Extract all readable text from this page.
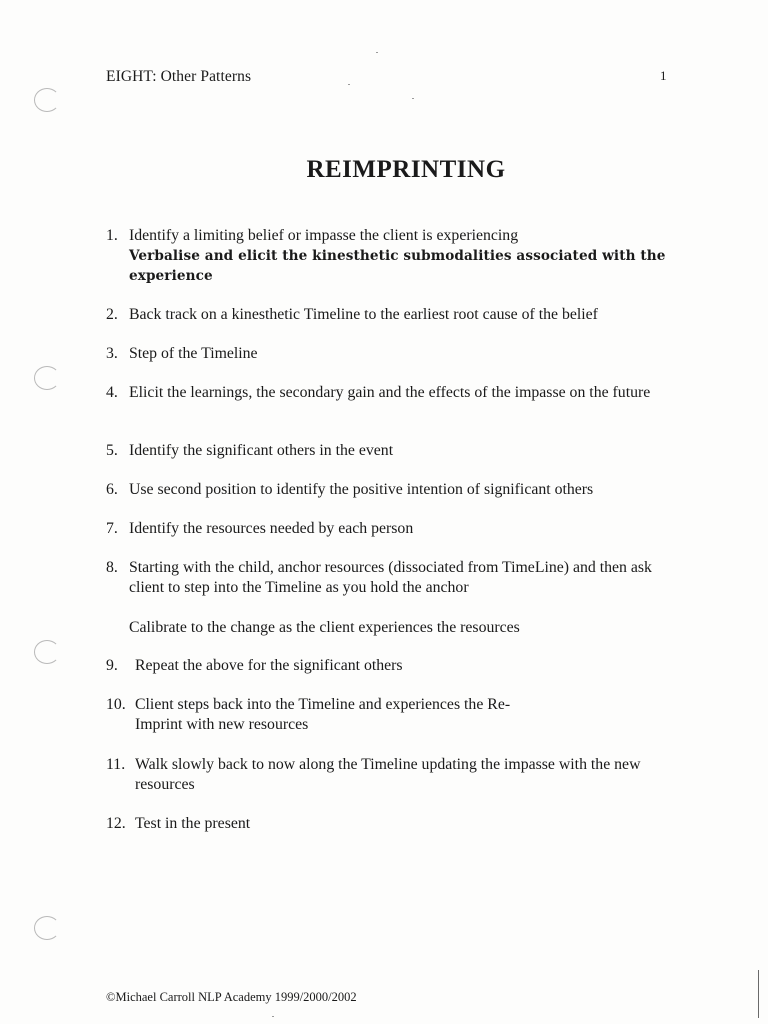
EIGHT: Other Patterns	1
REIMPRINTING
1. Identify a limiting belief or impasse the client is experiencing
Verbalise and elicit the kinesthetic submodalities associated with the experience
2. Back track on a kinesthetic Timeline to the earliest root cause of the belief
3. Step of the Timeline
4. Elicit the learnings, the secondary gain and the effects of the impasse on the future
5. Identify the significant others in the event
6. Use second position to identify the positive intention of significant others
7. Identify the resources needed by each person
8. Starting with the child, anchor resources (dissociated from TimeLine) and then ask client to step into the Timeline as you hold the anchor
Calibrate to the change as the client experiences the resources
9. Repeat the above for the significant others
10. Client steps back into the Timeline and experiences the Re-Imprint with new resources
11. Walk slowly back to now along the Timeline updating the impasse with the new resources
12. Test in the present
©Michael Carroll NLP Academy 1999/2000/2002
